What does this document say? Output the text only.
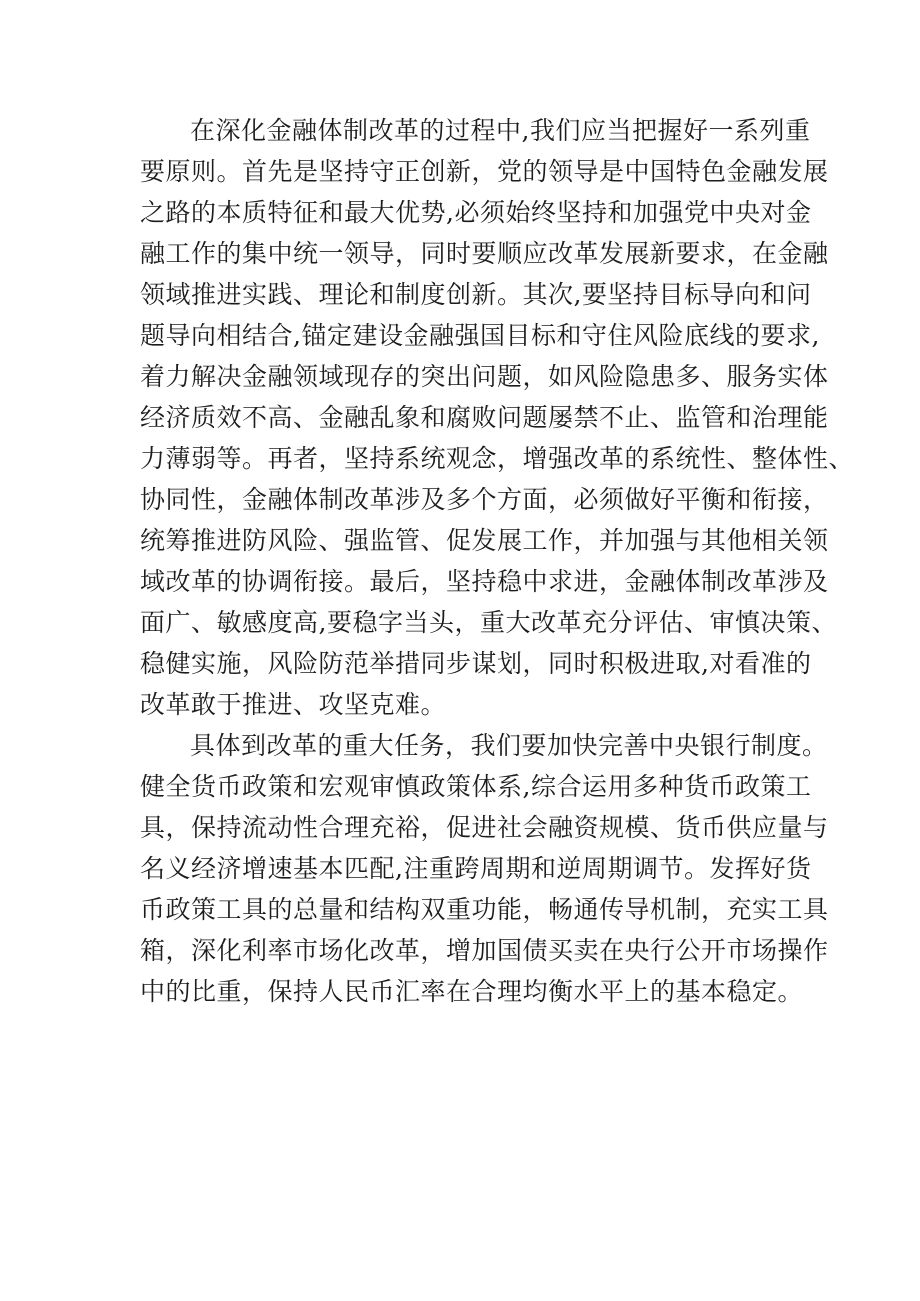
在深化金融体制改革的过程中,我们应当把握好一系列重
要原则。首先是坚持守正创新，党的领导是中国特色金融发展
之路的本质特征和最大优势,必须始终坚持和加强党中央对金
融工作的集中统一领导，同时要顺应改革发展新要求，在金融
领域推进实践、理论和制度创新。其次,要坚持目标导向和问
题导向相结合,锚定建设金融强国目标和守住风险底线的要求,
着力解决金融领域现存的突出问题，如风险隐患多、服务实体
经济质效不高、金融乱象和腐败问题屡禁不止、监管和治理能
力薄弱等。再者，坚持系统观念，增强改革的系统性、整体性、
协同性，金融体制改革涉及多个方面，必须做好平衡和衔接，
统筹推进防风险、强监管、促发展工作，并加强与其他相关领
域改革的协调衔接。最后，坚持稳中求进，金融体制改革涉及
面广、敏感度高,要稳字当头，重大改革充分评估、审慎决策、
稳健实施，风险防范举措同步谋划，同时积极进取,对看准的
改革敢于推进、攻坚克难。
具体到改革的重大任务，我们要加快完善中央银行制度。
健全货币政策和宏观审慎政策体系,综合运用多种货币政策工
具，保持流动性合理充裕，促进社会融资规模、货币供应量与
名义经济增速基本匹配,注重跨周期和逆周期调节。发挥好货
币政策工具的总量和结构双重功能，畅通传导机制，充实工具
箱，深化利率市场化改革，增加国债买卖在央行公开市场操作
中的比重，保持人民币汇率在合理均衡水平上的基本稳定。
